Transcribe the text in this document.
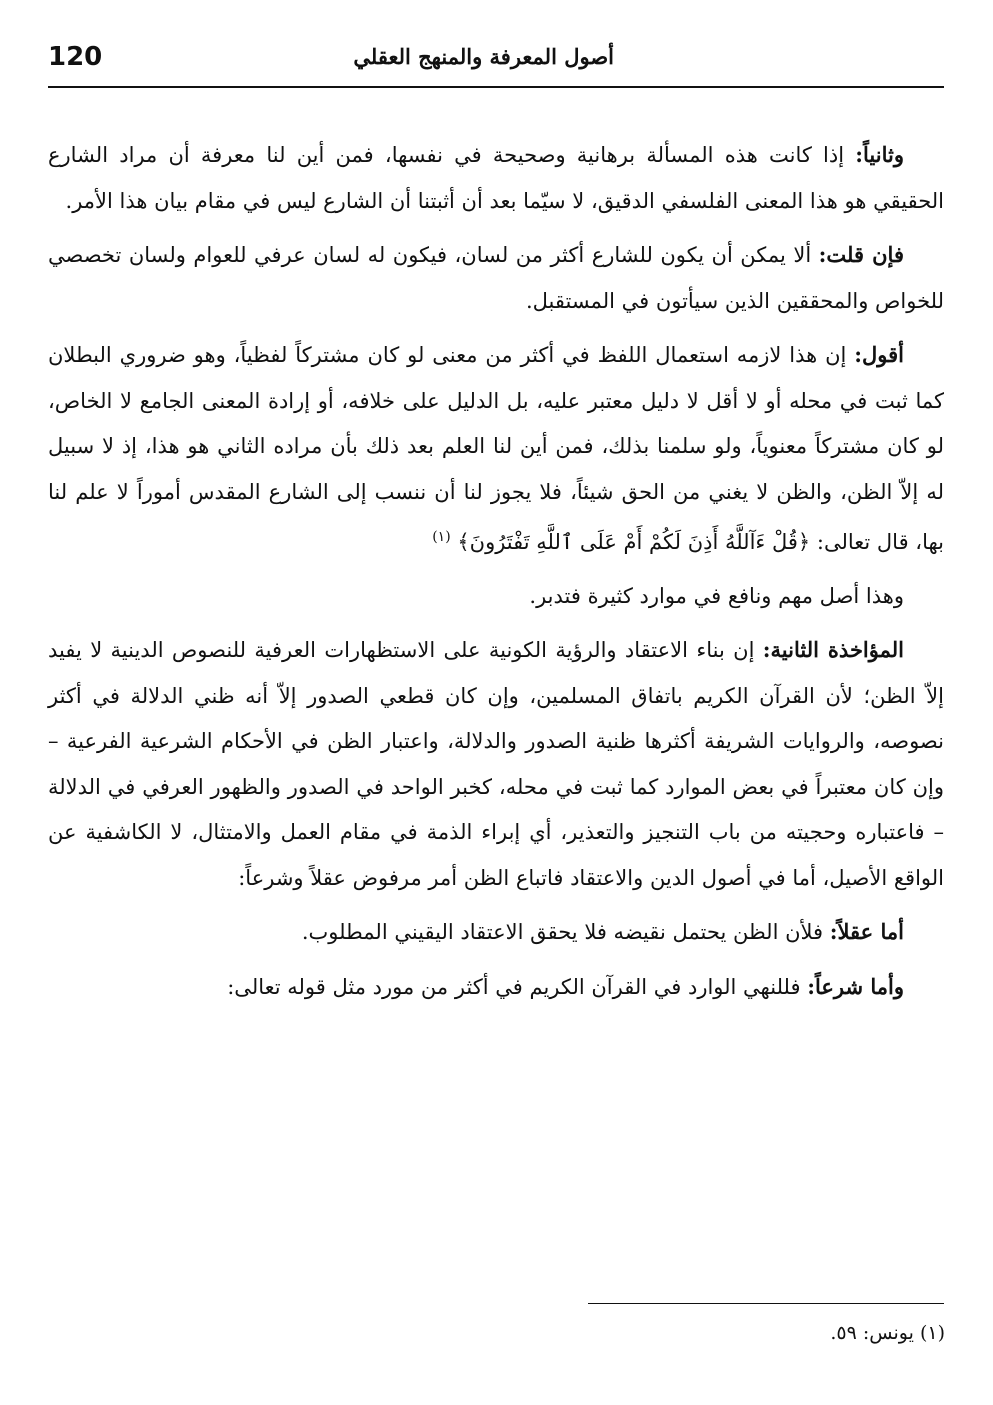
120	أصول المعرفة والمنهج العقلي

وثانياً: إذا كانت هذه المسألة برهانية وصحيحة في نفسها، فمن أين لنا معرفة أن مراد الشارع الحقيقي هو هذا المعنى الفلسفي الدقيق، لا سيّما بعد أن أثبتنا أن الشارع ليس في مقام بيان هذا الأمر.

فإن قلت: ألا يمكن أن يكون للشارع أكثر من لسان، فيكون له لسان عرفي للعوام ولسان تخصصي للخواص والمحققين الذين سيأتون في المستقبل.

أقول: إن هذا لازمه استعمال اللفظ في أكثر من معنى لو كان مشتركاً لفظياً، وهو ضروري البطلان كما ثبت في محله أو لا أقل لا دليل معتبر عليه، بل الدليل على خلافه، أو إرادة المعنى الجامع لا الخاص، لو كان مشتركاً معنوياً، ولو سلمنا بذلك، فمن أين لنا العلم بعد ذلك بأن مراده الثاني هو هذا، إذ لا سبيل له إلاّ الظن، والظن لا يغني من الحق شيئاً، فلا يجوز لنا أن ننسب إلى الشارع المقدس أموراً لا علم لنا بها، قال تعالى: ﴿قُلْ ءَآللَّهُ أَذِنَ لَكُمْ أَمْ عَلَى ٱللَّهِ تَفْتَرُونَ﴾ $^{(١)}$

وهذا أصل مهم ونافع في موارد كثيرة فتدبر.

المؤاخذة الثانية: إن بناء الاعتقاد والرؤية الكونية على الاستظهارات العرفية للنصوص الدينية لا يفيد إلاّ الظن؛ لأن القرآن الكريم باتفاق المسلمين، وإن كان قطعي الصدور إلاّ أنه ظني الدلالة في أكثر نصوصه، والروايات الشريفة أكثرها ظنية الصدور والدلالة، واعتبار الظن في الأحكام الشرعية الفرعية – وإن كان معتبراً في بعض الموارد كما ثبت في محله، كخبر الواحد في الصدور والظهور العرفي في الدلالة – فاعتباره وحجيته من باب التنجيز والتعذير، أي إبراء الذمة في مقام العمل والامتثال، لا الكاشفية عن الواقع الأصيل، أما في أصول الدين والاعتقاد فاتباع الظن أمر مرفوض عقلاً وشرعاً:

أما عقلاً: فلأن الظن يحتمل نقيضه فلا يحقق الاعتقاد اليقيني المطلوب.

وأما شرعاً: فللنهي الوارد في القرآن الكريم في أكثر من مورد مثل قوله تعالى:

(١) يونس: ٥٩.
